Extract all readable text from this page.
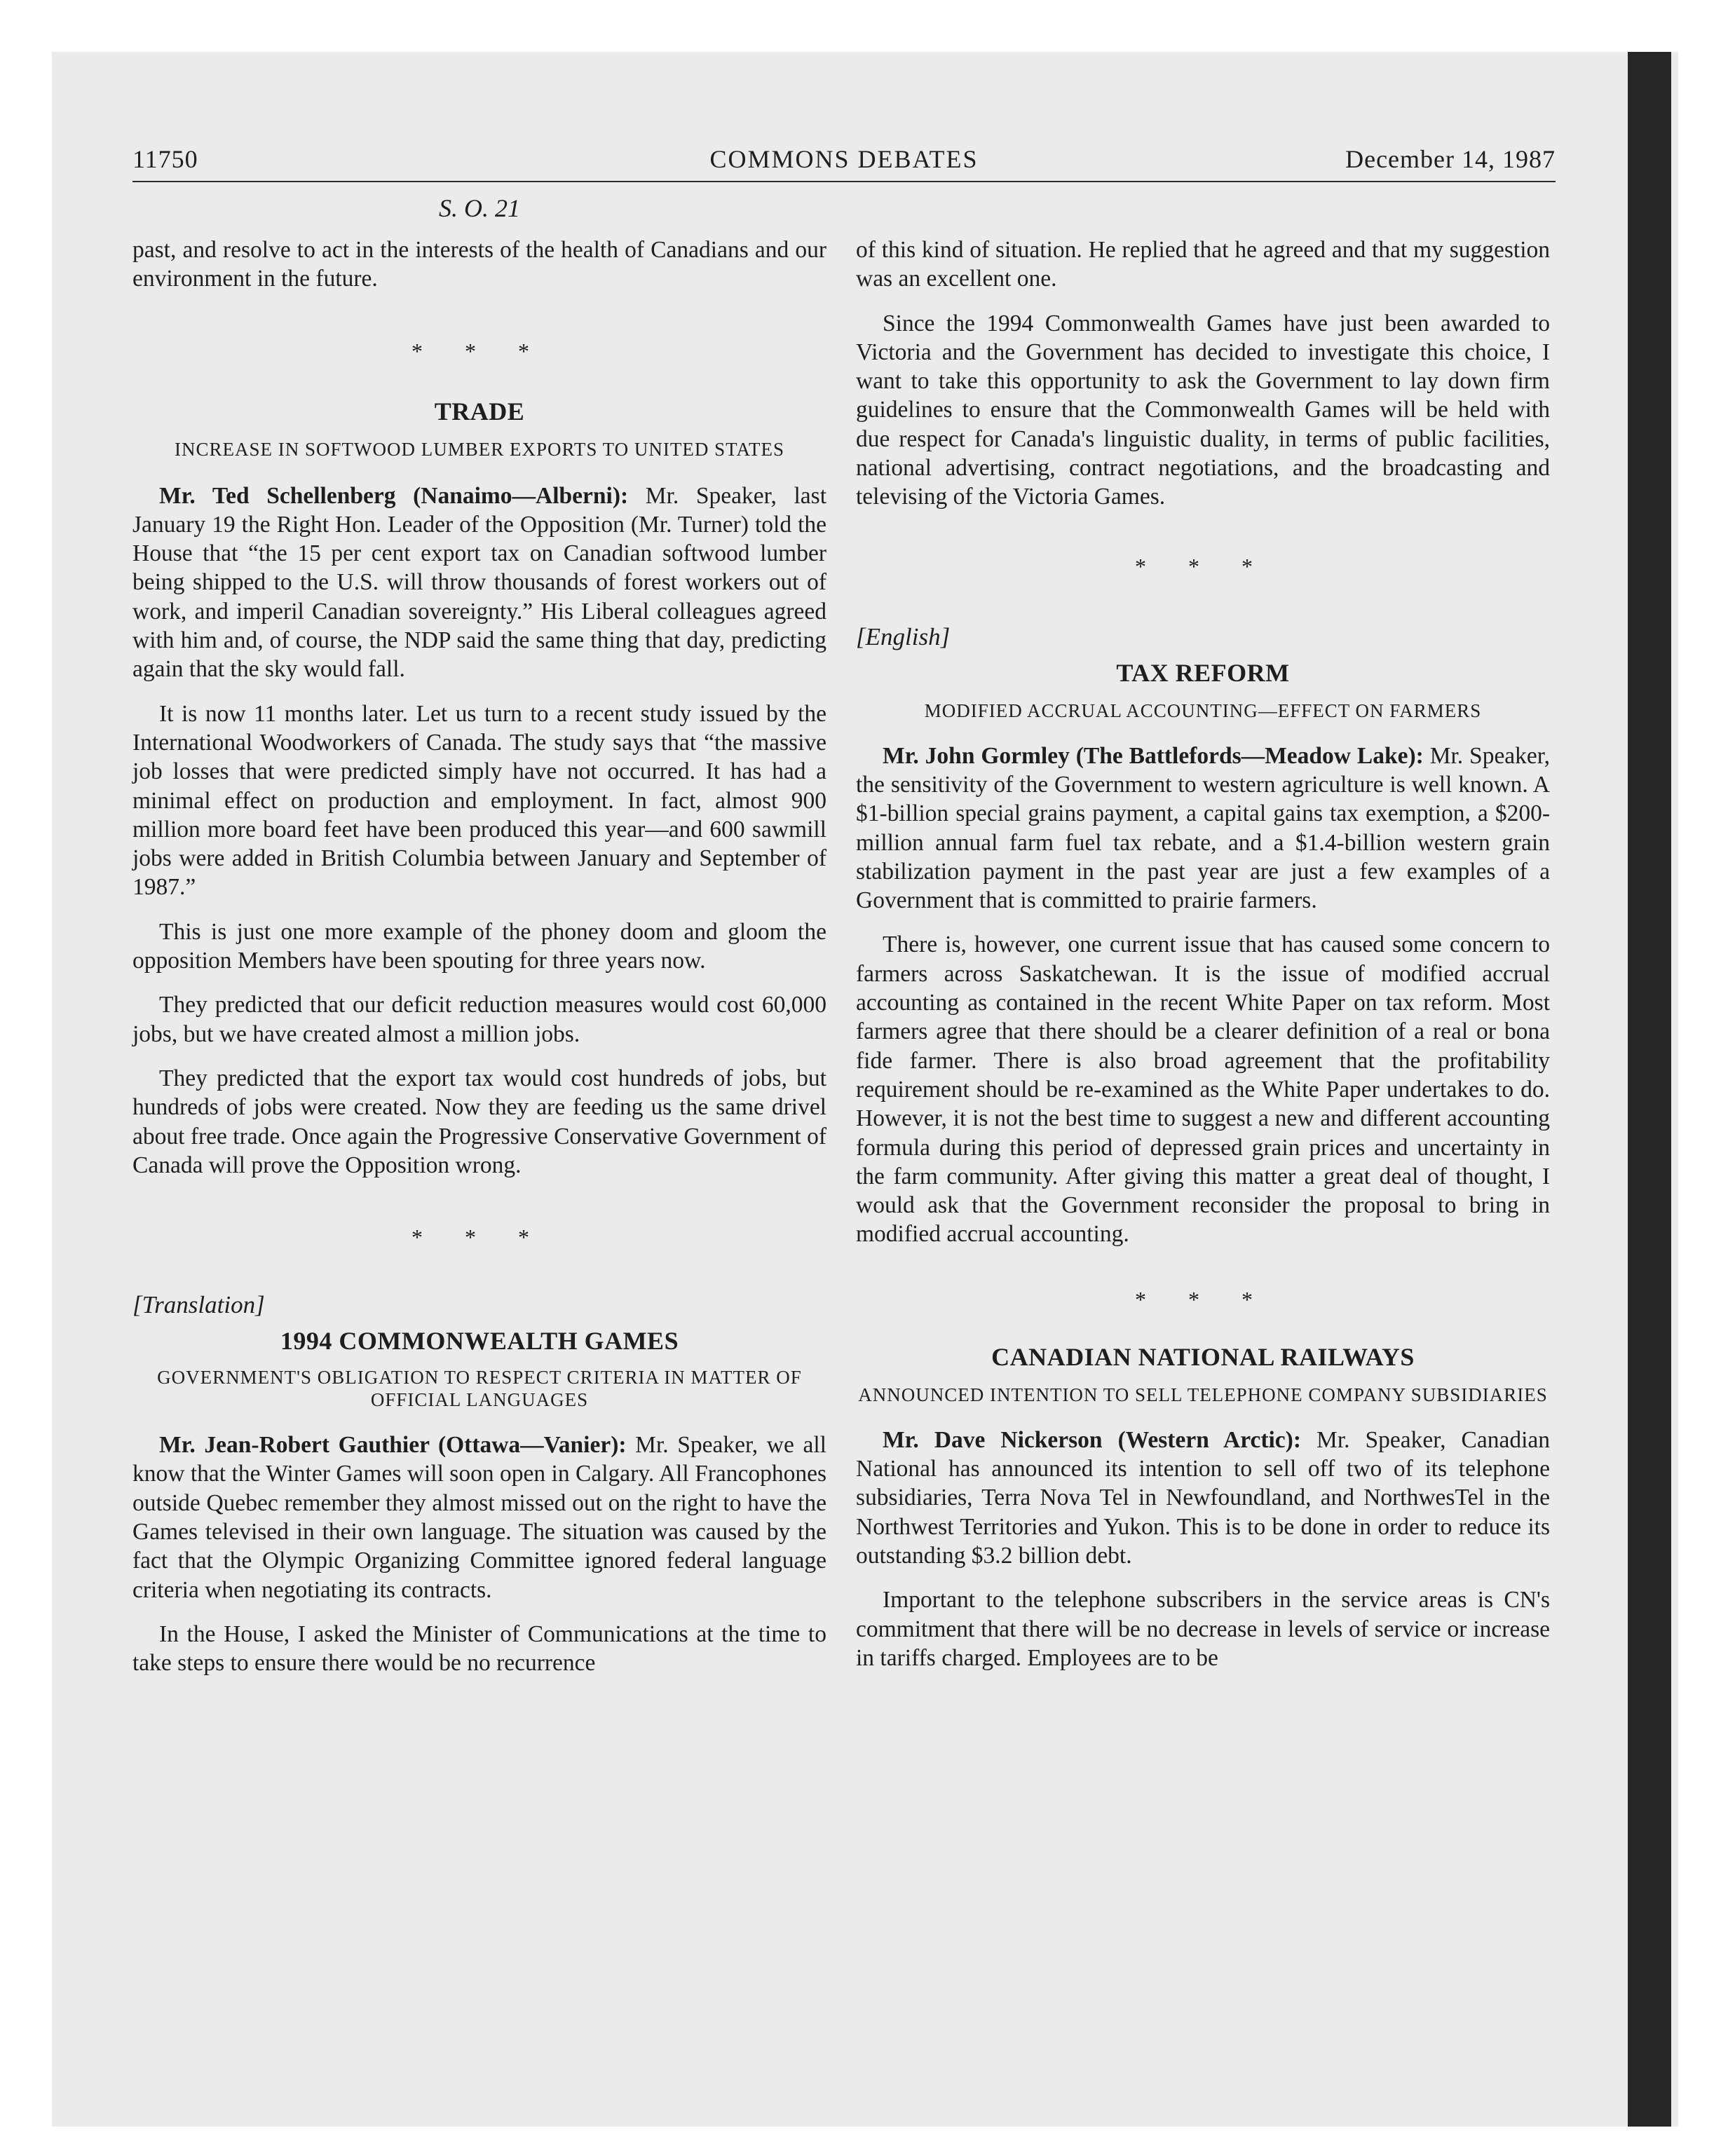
11750	COMMONS DEBATES	December 14, 1987
S. O. 21

past, and resolve to act in the interests of the health of Canadians and our environment in the future.

* * *
TRADE
INCREASE IN SOFTWOOD LUMBER EXPORTS TO UNITED STATES

Mr. Ted Schellenberg (Nanaimo—Alberni): Mr. Speaker, last January 19 the Right Hon. Leader of the Opposition (Mr. Turner) told the House that “the 15 per cent export tax on Canadian softwood lumber being shipped to the U.S. will throw thousands of forest workers out of work, and imperil Canadian sovereignty.” His Liberal colleagues agreed with him and, of course, the NDP said the same thing that day, predicting again that the sky would fall.

It is now 11 months later. Let us turn to a recent study issued by the International Woodworkers of Canada. The study says that “the massive job losses that were predicted simply have not occurred. It has had a minimal effect on production and employment. In fact, almost 900 million more board feet have been produced this year—and 600 sawmill jobs were added in British Columbia between January and September of 1987.”

This is just one more example of the phoney doom and gloom the opposition Members have been spouting for three years now.

They predicted that our deficit reduction measures would cost 60,000 jobs, but we have created almost a million jobs.

They predicted that the export tax would cost hundreds of jobs, but hundreds of jobs were created. Now they are feeding us the same drivel about free trade. Once again the Progressive Conservative Government of Canada will prove the Opposition wrong.

* * *
[Translation]
1994 COMMONWEALTH GAMES
GOVERNMENT'S OBLIGATION TO RESPECT CRITERIA IN MATTER OF OFFICIAL LANGUAGES

Mr. Jean-Robert Gauthier (Ottawa—Vanier): Mr. Speaker, we all know that the Winter Games will soon open in Calgary. All Francophones outside Quebec remember they almost missed out on the right to have the Games televised in their own language. The situation was caused by the fact that the Olympic Organizing Committee ignored federal language criteria when negotiating its contracts.

In the House, I asked the Minister of Communications at the time to take steps to ensure there would be no recurrence

of this kind of situation. He replied that he agreed and that my suggestion was an excellent one.

Since the 1994 Commonwealth Games have just been awarded to Victoria and the Government has decided to investigate this choice, I want to take this opportunity to ask the Government to lay down firm guidelines to ensure that the Commonwealth Games will be held with due respect for Canada's linguistic duality, in terms of public facilities, national advertising, contract negotiations, and the broadcasting and televising of the Victoria Games.

* * *
[English]
TAX REFORM
MODIFIED ACCRUAL ACCOUNTING—EFFECT ON FARMERS

Mr. John Gormley (The Battlefords—Meadow Lake): Mr. Speaker, the sensitivity of the Government to western agriculture is well known. A $1-billion special grains payment, a capital gains tax exemption, a $200-million annual farm fuel tax rebate, and a $1.4-billion western grain stabilization payment in the past year are just a few examples of a Government that is committed to prairie farmers.

There is, however, one current issue that has caused some concern to farmers across Saskatchewan. It is the issue of modified accrual accounting as contained in the recent White Paper on tax reform. Most farmers agree that there should be a clearer definition of a real or bona fide farmer. There is also broad agreement that the profitability requirement should be re-examined as the White Paper undertakes to do. However, it is not the best time to suggest a new and different accounting formula during this period of depressed grain prices and uncertainty in the farm community. After giving this matter a great deal of thought, I would ask that the Government reconsider the proposal to bring in modified accrual accounting.

* * *
CANADIAN NATIONAL RAILWAYS
ANNOUNCED INTENTION TO SELL TELEPHONE COMPANY SUBSIDIARIES

Mr. Dave Nickerson (Western Arctic): Mr. Speaker, Canadian National has announced its intention to sell off two of its telephone subsidiaries, Terra Nova Tel in Newfoundland, and NorthwesTel in the Northwest Territories and Yukon. This is to be done in order to reduce its outstanding $3.2 billion debt.

Important to the telephone subscribers in the service areas is CN's commitment that there will be no decrease in levels of service or increase in tariffs charged. Employees are to be
